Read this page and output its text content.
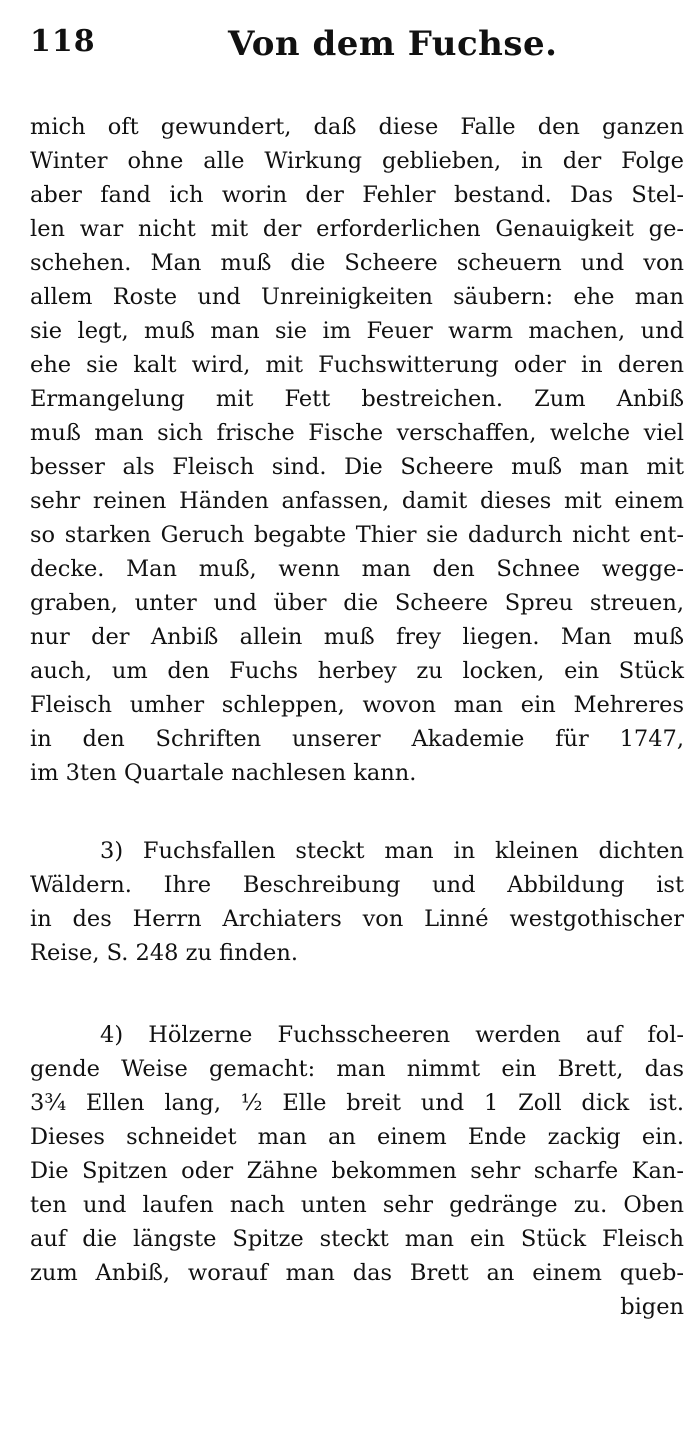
118	Von dem Fuchse.
mich oft gewundert, daß diese Falle den ganzen
Winter ohne alle Wirkung geblieben, in der Folge
aber fand ich worin der Fehler bestand. Das Stel-
len war nicht mit der erforderlichen Genauigkeit ge-
schehen. Man muß die Scheere scheuern und von
allem Roste und Unreinigkeiten säubern: ehe man
sie legt, muß man sie im Feuer warm machen, und
ehe sie kalt wird, mit Fuchswitterung oder in deren
Ermangelung mit Fett bestreichen. Zum Anbiß
muß man sich frische Fische verschaffen, welche viel
besser als Fleisch sind. Die Scheere muß man mit
sehr reinen Händen anfassen, damit dieses mit einem
so starken Geruch begabte Thier sie dadurch nicht ent-
decke. Man muß, wenn man den Schnee wegge-
graben, unter und über die Scheere Spreu streuen,
nur der Anbiß allein muß frey liegen. Man muß
auch, um den Fuchs herbey zu locken, ein Stück
Fleisch umher schleppen, wovon man ein Mehreres
in den Schriften unserer Akademie für 1747,
im 3ten Quartale nachlesen kann.
3) Fuchsfallen steckt man in kleinen dichten
Wäldern. Ihre Beschreibung und Abbildung ist
in des Herrn Archiaters von Linné westgothischer
Reise, S. 248 zu finden.
4) Hölzerne Fuchsscheeren werden auf fol-
gende Weise gemacht: man nimmt ein Brett, das
3¾ Ellen lang, ½ Elle breit und 1 Zoll dick ist.
Dieses schneidet man an einem Ende zackig ein.
Die Spitzen oder Zähne bekommen sehr scharfe Kan-
ten und laufen nach unten sehr gedränge zu. Oben
auf die längste Spitze steckt man ein Stück Fleisch
zum Anbiß, worauf man das Brett an einem queb-
bigen
